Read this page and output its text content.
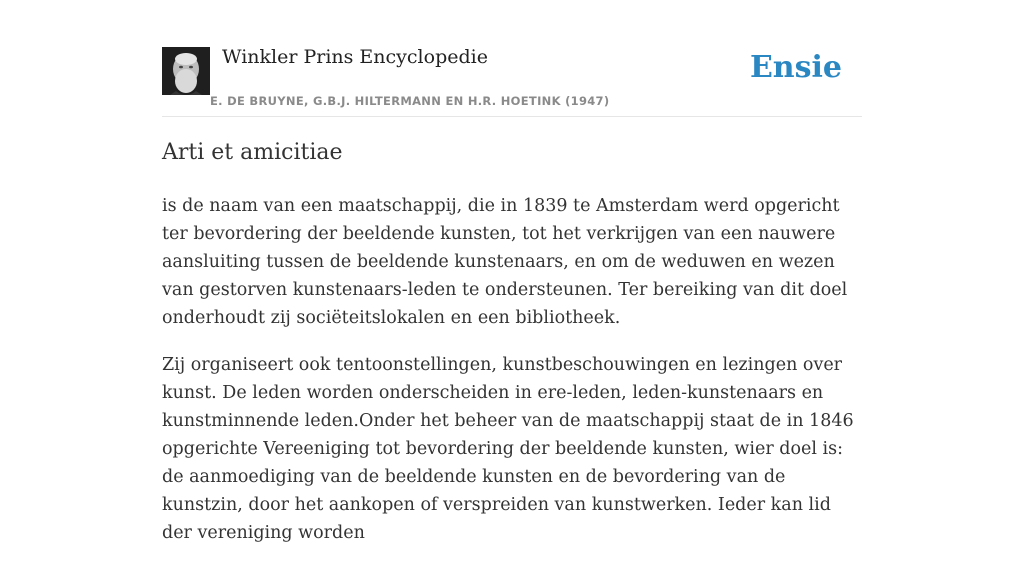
Winkler Prins Encyclopedie
E. DE BRUYNE, G.B.J. HILTERMANN EN H.R. HOETINK (1947)
Ensie
Arti et amicitiae

is de naam van een maatschappij, die in 1839 te Amsterdam werd opgericht ter bevordering der beeldende kunsten, tot het verkrijgen van een nauwere aansluiting tussen de beeldende kunstenaars, en om de weduwen en wezen van gestorven kunstenaars-leden te ondersteunen. Ter bereiking van dit doel onderhoudt zij sociëteitslokalen en een bibliotheek.

Zij organiseert ook tentoonstellingen, kunstbeschouwingen en lezingen over kunst. De leden worden onderscheiden in ere-leden, leden-kunstenaars en kunstminnende leden.Onder het beheer van de maatschappij staat de in 1846 opgerichte Vereeniging tot bevordering der beeldende kunsten, wier doel is: de aanmoediging van de beeldende kunsten en de bevordering van de kunstzin, door het aankopen of verspreiden van kunstwerken. Ieder kan lid der vereniging worden
